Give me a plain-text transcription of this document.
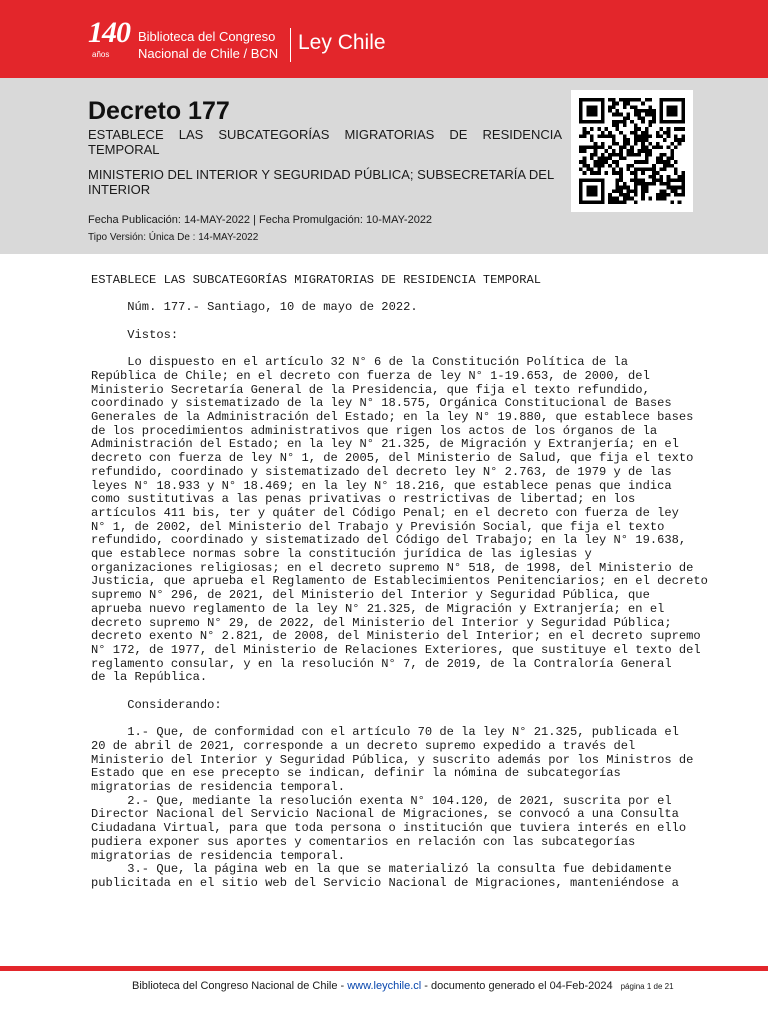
140
años
Biblioteca del Congreso
Nacional de Chile / BCN Ley Chile
Decreto 177
ESTABLECE LAS SUBCATEGORÍAS MIGRATORIAS DE RESIDENCIA TEMPORAL
MINISTERIO DEL INTERIOR Y SEGURIDAD PÚBLICA; SUBSECRETARÍA DEL INTERIOR
Fecha Publicación: 14-MAY-2022 | Fecha Promulgación: 10-MAY-2022
Tipo Versión: Única De : 14-MAY-2022

ESTABLECE LAS SUBCATEGORÍAS MIGRATORIAS DE RESIDENCIA TEMPORAL

Núm. 177.- Santiago, 10 de mayo de 2022.

Vistos:

Lo dispuesto en el artículo 32 N° 6 de la Constitución Política de la
República de Chile; en el decreto con fuerza de ley N° 1-19.653, de 2000, del
Ministerio Secretaría General de la Presidencia, que fija el texto refundido,
coordinado y sistematizado de la ley N° 18.575, Orgánica Constitucional de Bases
Generales de la Administración del Estado; en la ley N° 19.880, que establece bases
de los procedimientos administrativos que rigen los actos de los órganos de la
Administración del Estado; en la ley N° 21.325, de Migración y Extranjería; en el
decreto con fuerza de ley N° 1, de 2005, del Ministerio de Salud, que fija el texto
refundido, coordinado y sistematizado del decreto ley N° 2.763, de 1979 y de las
leyes N° 18.933 y N° 18.469; en la ley N° 18.216, que establece penas que indica
como sustitutivas a las penas privativas o restrictivas de libertad; en los
artículos 411 bis, ter y quáter del Código Penal; en el decreto con fuerza de ley
N° 1, de 2002, del Ministerio del Trabajo y Previsión Social, que fija el texto
refundido, coordinado y sistematizado del Código del Trabajo; en la ley N° 19.638,
que establece normas sobre la constitución jurídica de las iglesias y
organizaciones religiosas; en el decreto supremo N° 518, de 1998, del Ministerio de
Justicia, que aprueba el Reglamento de Establecimientos Penitenciarios; en el decreto
supremo N° 296, de 2021, del Ministerio del Interior y Seguridad Pública, que
aprueba nuevo reglamento de la ley N° 21.325, de Migración y Extranjería; en el
decreto supremo N° 29, de 2022, del Ministerio del Interior y Seguridad Pública;
decreto exento N° 2.821, de 2008, del Ministerio del Interior; en el decreto supremo
N° 172, de 1977, del Ministerio de Relaciones Exteriores, que sustituye el texto del
reglamento consular, y en la resolución N° 7, de 2019, de la Contraloría General
de la República.

Considerando:

1.- Que, de conformidad con el artículo 70 de la ley N° 21.325, publicada el
20 de abril de 2021, corresponde a un decreto supremo expedido a través del
Ministerio del Interior y Seguridad Pública, y suscrito además por los Ministros de
Estado que en ese precepto se indican, definir la nómina de subcategorías
migratorias de residencia temporal.
2.- Que, mediante la resolución exenta N° 104.120, de 2021, suscrita por el
Director Nacional del Servicio Nacional de Migraciones, se convocó a una Consulta
Ciudadana Virtual, para que toda persona o institución que tuviera interés en ello
pudiera exponer sus aportes y comentarios en relación con las subcategorías
migratorias de residencia temporal.
3.- Que, la página web en la que se materializó la consulta fue debidamente
publicitada en el sitio web del Servicio Nacional de Migraciones, manteniéndose a

Biblioteca del Congreso Nacional de Chile - www.leychile.cl - documento generado el 04-Feb-2024 página 1 de 21
